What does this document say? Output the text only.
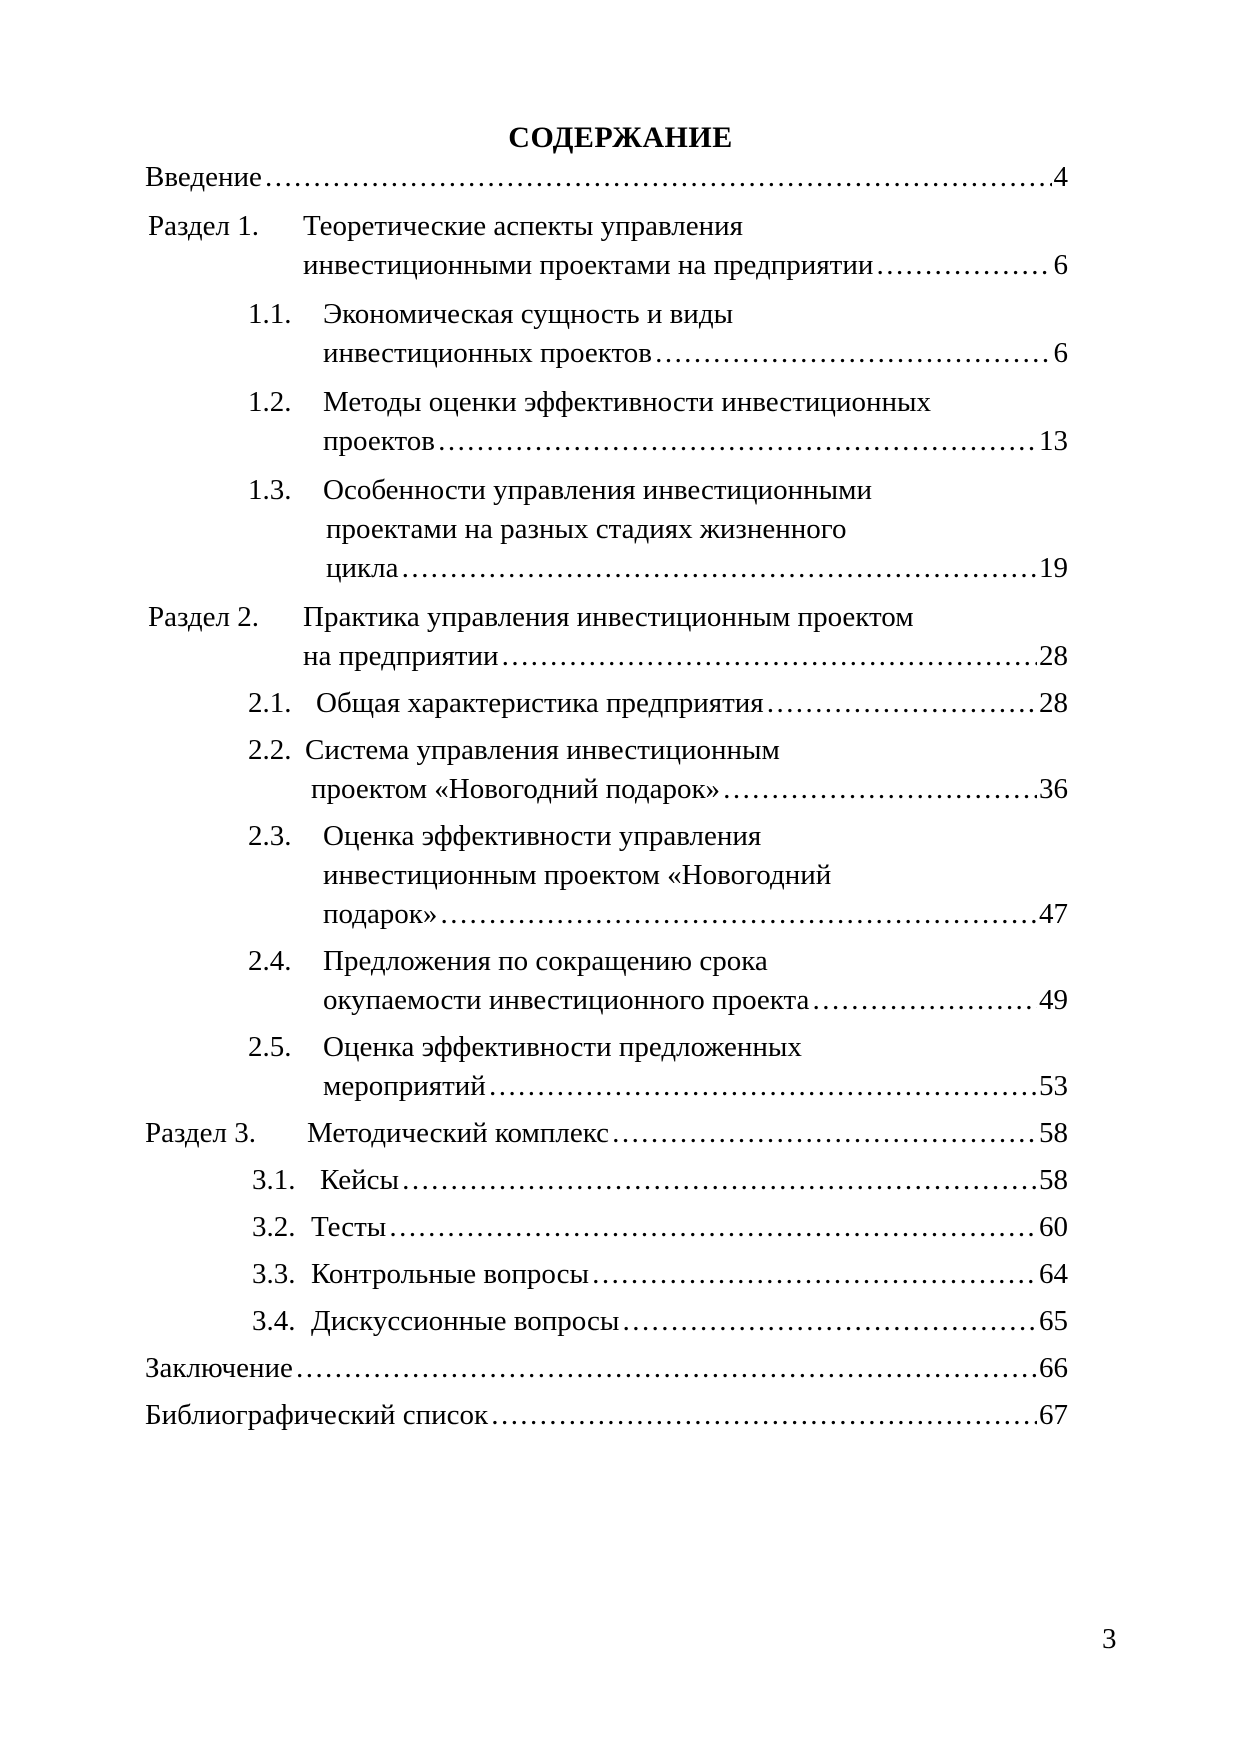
СОДЕРЖАНИЕ
Введение ………………………………………………………………………………………………………………………………………………………………………………	4
Раздел 1. Теоретические аспекты управления
инвестиционными проектами на предприятии ………………………………………………………………………………………………………………………………………………………………………………	6
1.1. Экономическая сущность и виды
инвестиционных проектов ………………………………………………………………………………………………………………………………………………………………………………	6
1.2. Методы оценки эффективности инвестиционных
проектов ………………………………………………………………………………………………………………………………………………………………………………	13
1.3. Особенности управления инвестиционными
проектами на разных стадиях жизненного
цикла ………………………………………………………………………………………………………………………………………………………………………………	19
Раздел 2. Практика управления инвестиционным проектом
на предприятии ………………………………………………………………………………………………………………………………………………………………………………	28
2.1. Общая характеристика предприятия ………………………………………………………………………………………………………………………………………………………………………………	28
2.2. Система управления инвестиционным
проектом «Новогодний подарок» ………………………………………………………………………………………………………………………………………………………………………………	36
2.3. Оценка эффективности управления
инвестиционным проектом «Новогодний
подарок» ………………………………………………………………………………………………………………………………………………………………………………	47
2.4. Предложения по сокращению срока
окупаемости инвестиционного проекта ………………………………………………………………………………………………………………………………………………………………………………	49
2.5. Оценка эффективности предложенных
мероприятий ………………………………………………………………………………………………………………………………………………………………………………	53
Раздел 3. Методический комплекс ………………………………………………………………………………………………………………………………………………………………………………	58
3.1. Кейсы ………………………………………………………………………………………………………………………………………………………………………………	58
3.2. Тесты ………………………………………………………………………………………………………………………………………………………………………………	60
3.3. Контрольные вопросы ………………………………………………………………………………………………………………………………………………………………………………	64
3.4. Дискуссионные вопросы ………………………………………………………………………………………………………………………………………………………………………………	65
Заключение ………………………………………………………………………………………………………………………………………………………………………………	66
Библиографический список ………………………………………………………………………………………………………………………………………………………………………………	67
3
